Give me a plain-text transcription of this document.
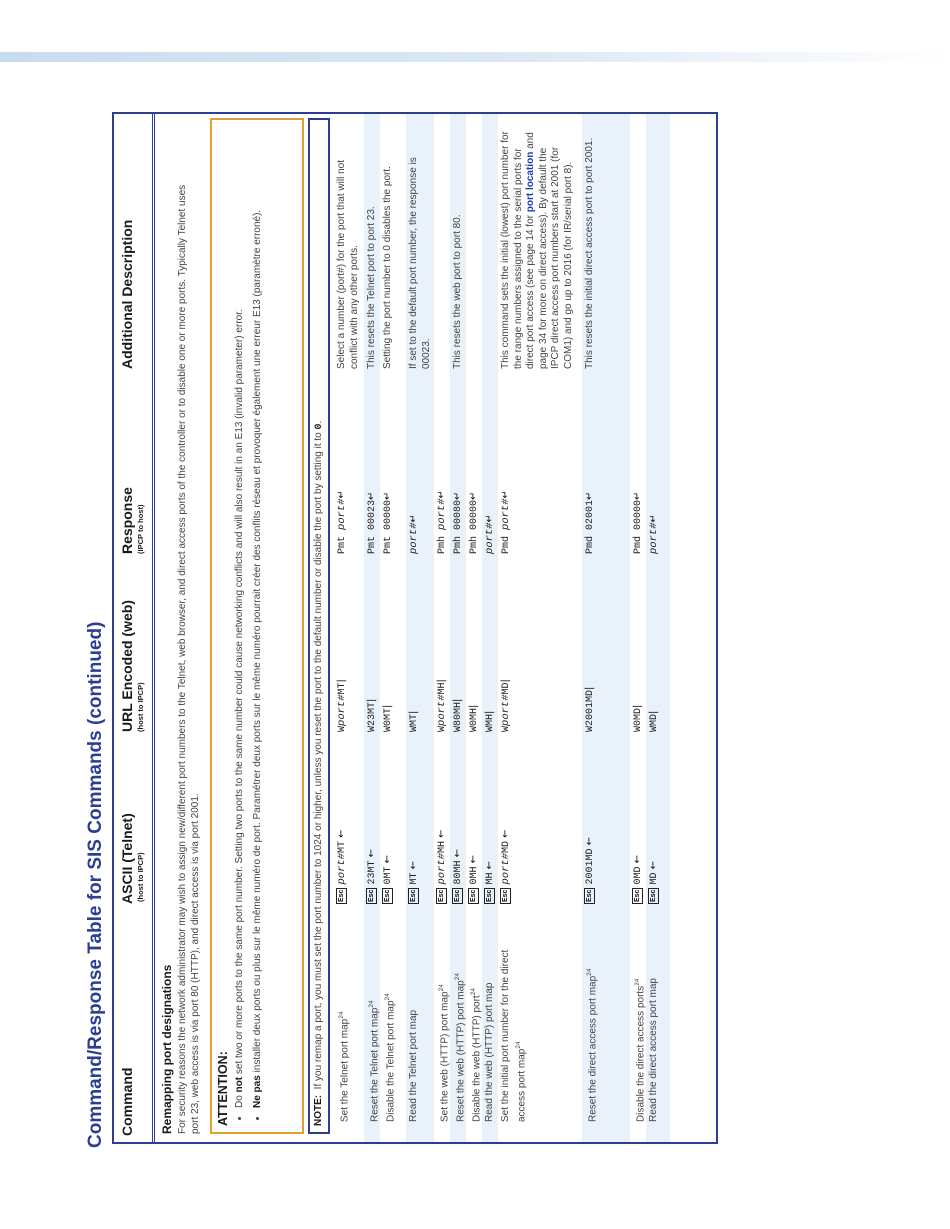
Command/Response Table for SIS Commands (continued) Command
ASCII (Telnet) (host to IPCP)
URL Encoded (web) (host to IPCP)
Response (IPCP to host)
Additional Description
Remapping port designations For security reasons the network administrator may wish to assign new/different port numbers to the Telnet, web browser, and direct access ports of the controller or to disable one or more ports. Typically Telnet uses port 23, web access is via port 80 (HTTP), and direct access is via port 2001. ATTENTION:
• Do not set two or more ports to the same port number. Setting two ports to the same number could cause networking conflicts and will also result in an E13 (invalid parameter) error.
• Ne pas installer deux ports ou plus sur le même numéro de port. Paramétrer deux ports sur le même numéro pourrait créer des conflits réseau et provoquer également une erreur E13 (paramètre erroné).
NOTE:  If you remap a port, you must set the port number to 1024 or higher, unless you reset the port to the default number or disable the port by setting it to 0.
Set the Telnet port map$^{24}$
Escport#MT ←
Wport#MT|
Pmt port#↵
Select a number (port#) for the port that will not conflict with any other ports.
Reset the Telnet port map$^{24}$
Esc23MT ←
W23MT|
Pmt 00023↵
This resets the Telnet port to port 23.
Disable the Telnet port map$^{24}$
Esc0MT ←
W0MT|
Pmt 00000↵
Setting the port number to 0 disables the port.
Read the Telnet port map
EscMT ←
WMT|
port#↵
If set to the default port number, the response is 00023.
Set the web (HTTP) port map$^{24}$
Escport#MH ←
Wport#MH|
Pmh port#↵
Reset the web (HTTP) port map$^{24}$
Esc80MH ←
W80MH|
Pmh 00080↵
This resets the web port to port 80.
Disable the web (HTTP) port$^{24}$
Esc0MH ←
W0MH|
Pmh 00000↵
Read the web (HTTP) port map
EscMH ←
WMH|
port#↵
Set the initial port number for the direct access port map$^{24}$
Escport#MD ←
Wport#MD|
Pmd port#↵
This command sets the initial (lowest) port number for the range numbers assigned to the serial ports for direct port access (see page 14 for port location and page 34 for more on direct access). By default the IPCP direct access port numbers start at 2001 (for COM1) and go up to 2016 (for IR/serial port 8).
Reset the direct access port map$^{24}$
Esc2001MD ←
W2001MD|
Pmd 02001↵
This resets the initial direct access port to port 2001.
Disable the direct access ports$^{24}$
Esc0MD ←
W0MD|
Pmd 00000↵
Read the direct access port map
EscMD ←
WMD|
port#↵
